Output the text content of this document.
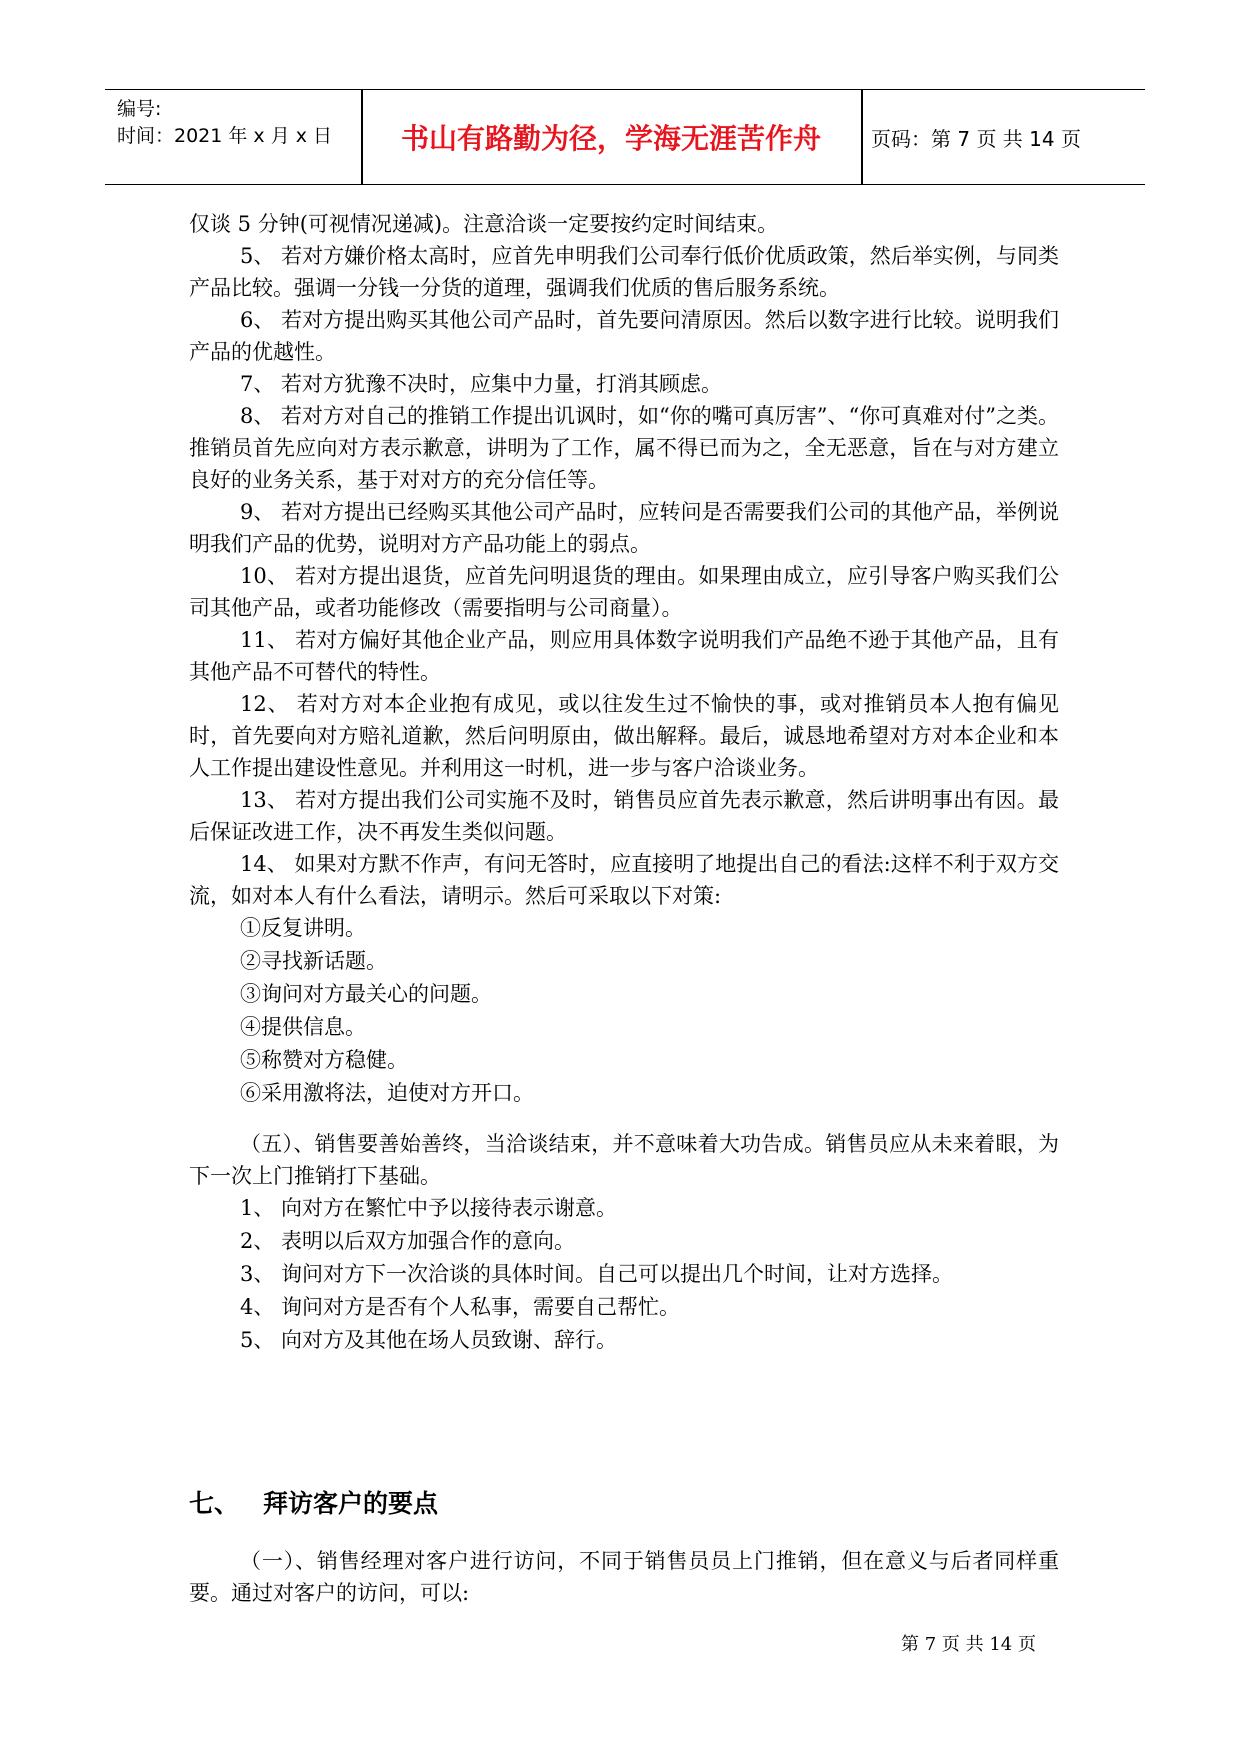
编号:
时间：2021 年 x 月 x 日	书山有路勤为径，学海无涯苦作舟	页码：第 7 页 共 14 页

仅谈 5 分钟(可视情况递减)。注意洽谈一定要按约定时间结束。

5、 若对方嫌价格太高时，应首先申明我们公司奉行低价优质政策，然后举实例，与同类产品比较。强调一分钱一分货的道理，强调我们优质的售后服务系统。

6、 若对方提出购买其他公司产品时，首先要问清原因。然后以数字进行比较。说明我们产品的优越性。

7、 若对方犹豫不决时，应集中力量，打消其顾虑。

8、 若对方对自己的推销工作提出讥讽时，如“你的嘴可真厉害”、“你可真难对付”之类。推销员首先应向对方表示歉意，讲明为了工作，属不得已而为之，全无恶意，旨在与对方建立良好的业务关系，基于对对方的充分信任等。

9、 若对方提出已经购买其他公司产品时，应转问是否需要我们公司的其他产品，举例说明我们产品的优势，说明对方产品功能上的弱点。

10、 若对方提出退货，应首先问明退货的理由。如果理由成立，应引导客户购买我们公司其他产品，或者功能修改（需要指明与公司商量）。

11、 若对方偏好其他企业产品，则应用具体数字说明我们产品绝不逊于其他产品，且有其他产品不可替代的特性。

12、 若对方对本企业抱有成见，或以往发生过不愉快的事，或对推销员本人抱有偏见时，首先要向对方赔礼道歉，然后问明原由，做出解释。最后，诚恳地希望对方对本企业和本人工作提出建设性意见。并利用这一时机，进一步与客户洽谈业务。

13、 若对方提出我们公司实施不及时，销售员应首先表示歉意，然后讲明事出有因。最后保证改进工作，决不再发生类似问题。

14、 如果对方默不作声，有问无答时，应直接明了地提出自己的看法:这样不利于双方交流，如对本人有什么看法，请明示。然后可采取以下对策:

①反复讲明。

②寻找新话题。

③询问对方最关心的问题。

④提供信息。

⑤称赞对方稳健。

⑥采用激将法，迫使对方开口。

（五）、销售要善始善终，当洽谈结束，并不意味着大功告成。销售员应从未来着眼，为下一次上门推销打下基础。

1、 向对方在繁忙中予以接待表示谢意。

2、 表明以后双方加强合作的意向。

3、 询问对方下一次洽谈的具体时间。自己可以提出几个时间，让对方选择。

4、 询问对方是否有个人私事，需要自己帮忙。

5、 向对方及其他在场人员致谢、辞行。

七、 拜访客户的要点

（一）、销售经理对客户进行访问，不同于销售员员上门推销，但在意义与后者同样重要。通过对客户的访问，可以:

第 7 页 共 14 页
